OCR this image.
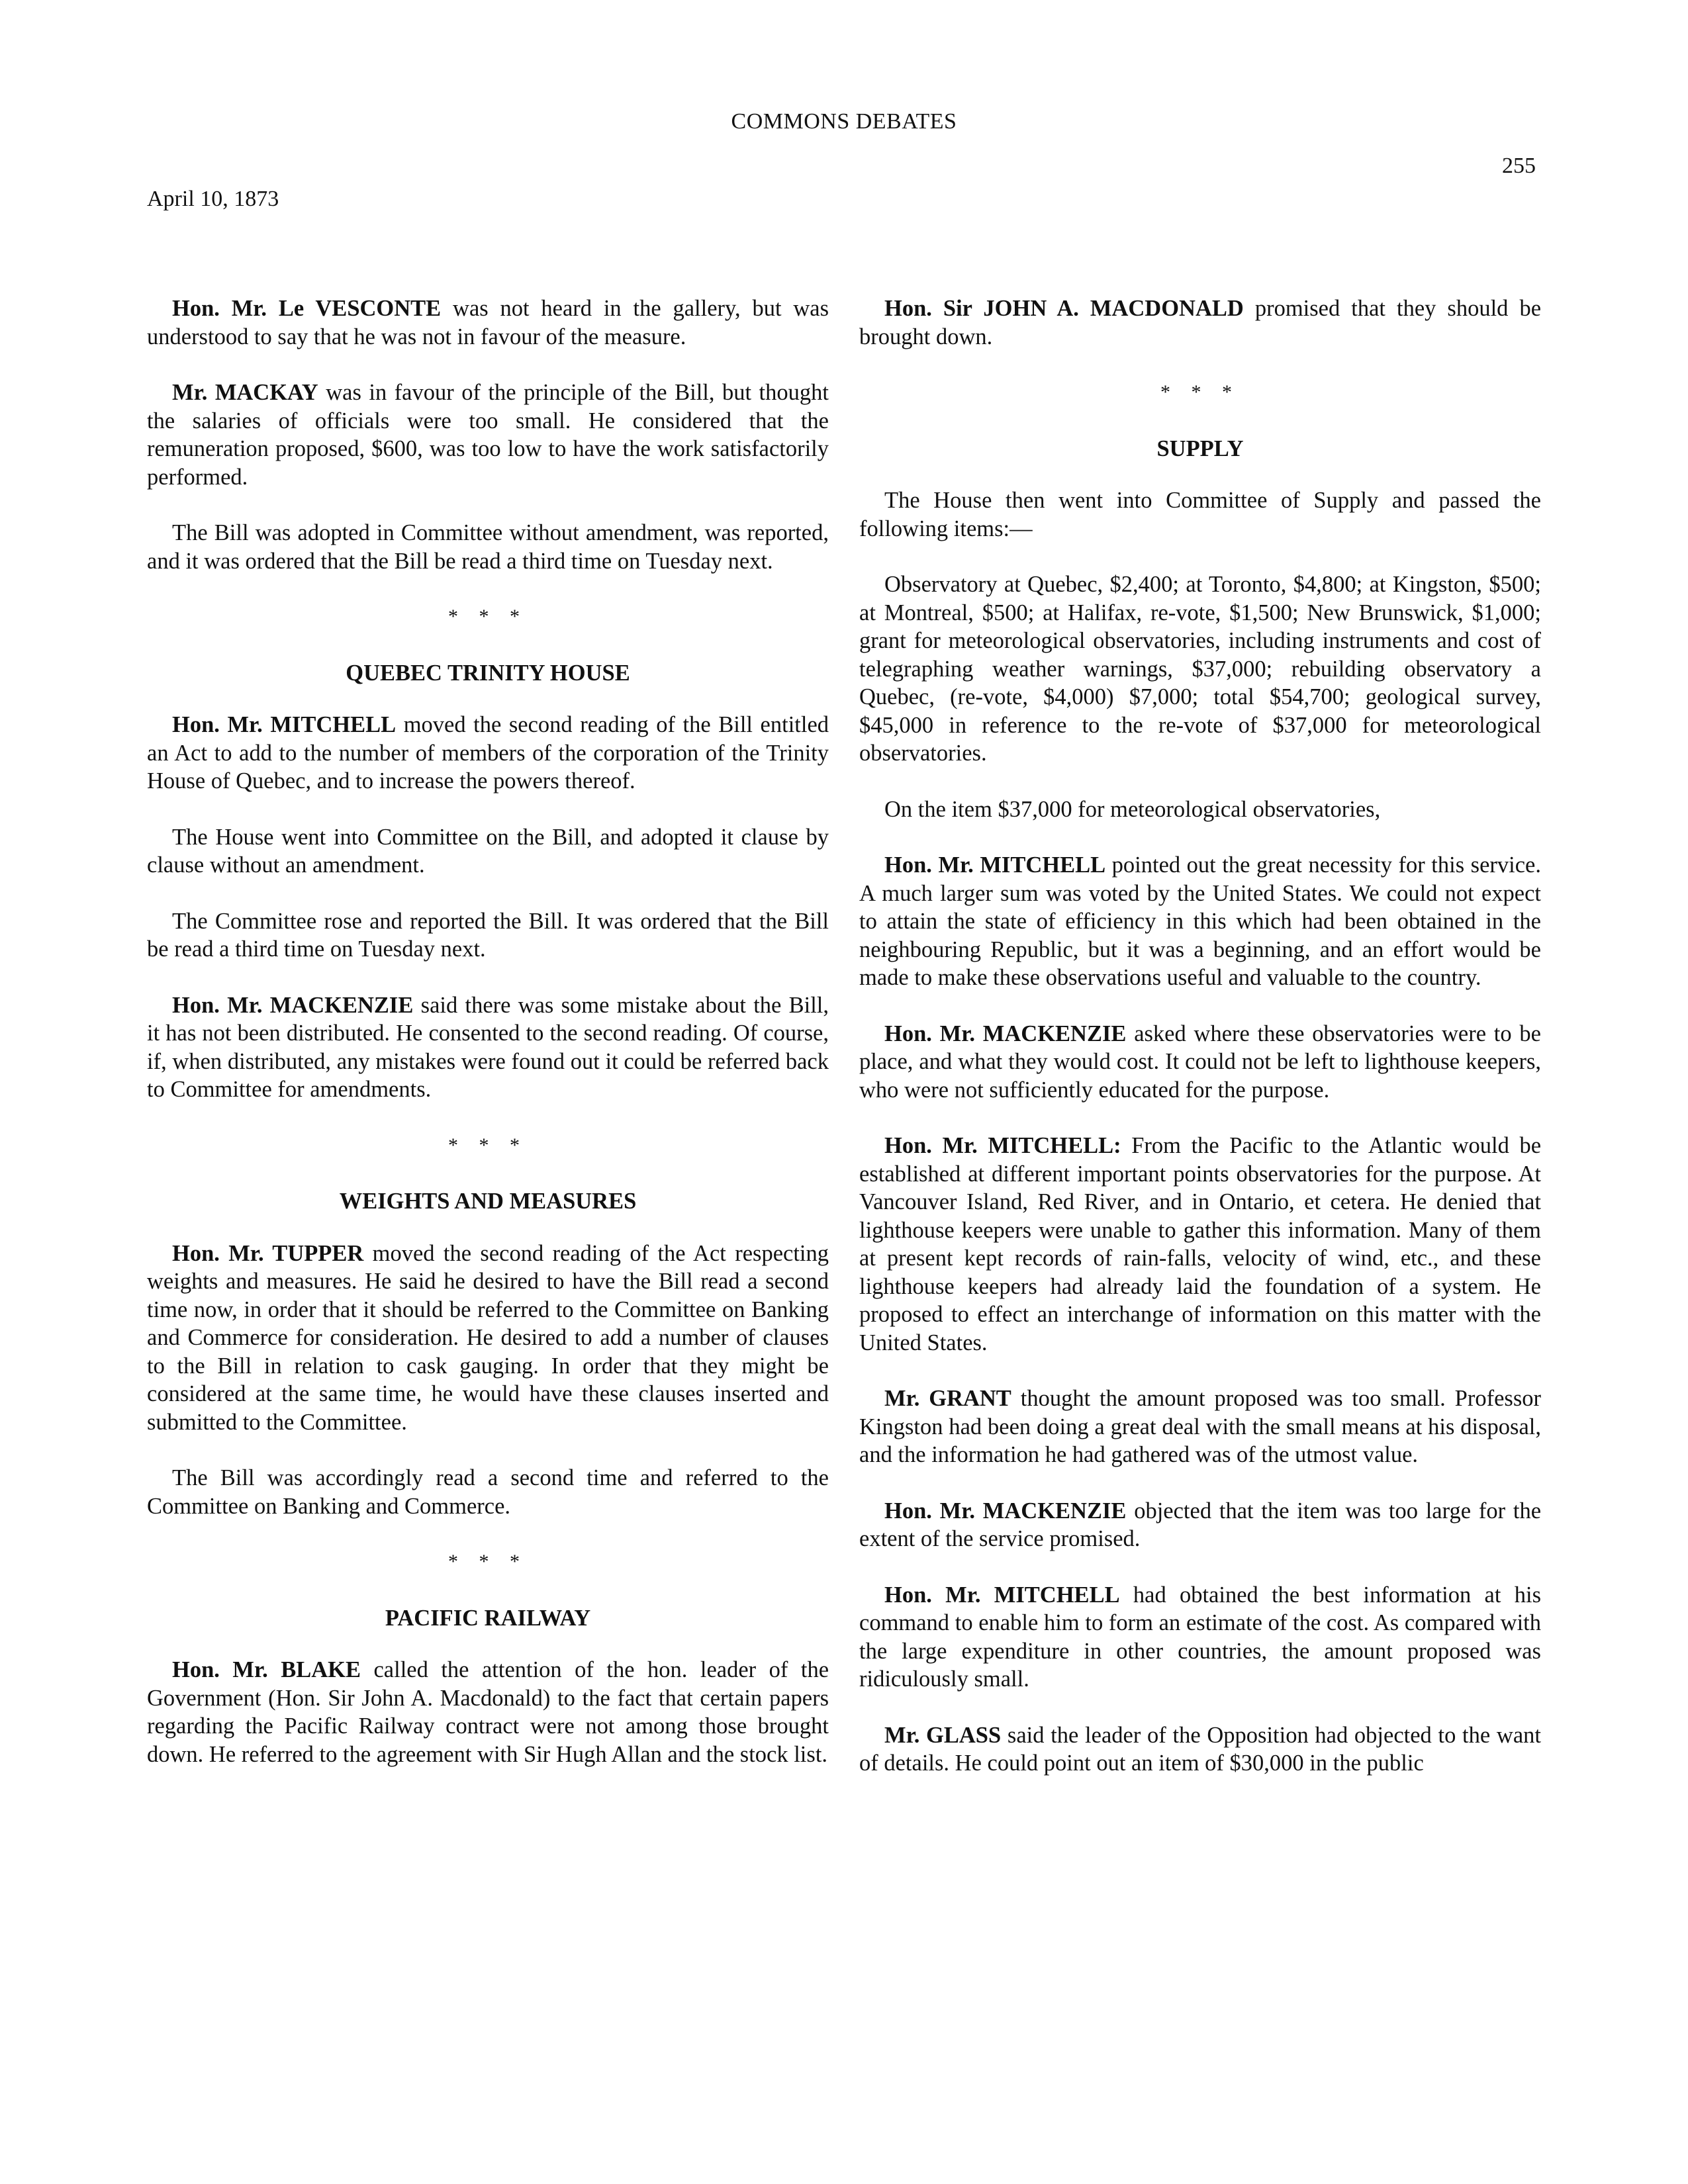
COMMONS DEBATES
255
April 10, 1873

Hon. Mr. Le VESCONTE was not heard in the gallery, but was understood to say that he was not in favour of the measure.

Mr. MACKAY was in favour of the principle of the Bill, but thought the salaries of officials were too small. He considered that the remuneration proposed, $600, was too low to have the work satisfactorily performed.

The Bill was adopted in Committee without amendment, was reported, and it was ordered that the Bill be read a third time on Tuesday next.

* * *
QUEBEC TRINITY HOUSE

Hon. Mr. MITCHELL moved the second reading of the Bill entitled an Act to add to the number of members of the corporation of the Trinity House of Quebec, and to increase the powers thereof.

The House went into Committee on the Bill, and adopted it clause by clause without an amendment.

The Committee rose and reported the Bill. It was ordered that the Bill be read a third time on Tuesday next.

Hon. Mr. MACKENZIE said there was some mistake about the Bill, it has not been distributed. He consented to the second reading. Of course, if, when distributed, any mistakes were found out it could be referred back to Committee for amendments.

* * *
WEIGHTS AND MEASURES

Hon. Mr. TUPPER moved the second reading of the Act respecting weights and measures. He said he desired to have the Bill read a second time now, in order that it should be referred to the Committee on Banking and Commerce for consideration. He desired to add a number of clauses to the Bill in relation to cask gauging. In order that they might be considered at the same time, he would have these clauses inserted and submitted to the Committee.

The Bill was accordingly read a second time and referred to the Committee on Banking and Commerce.

* * *
PACIFIC RAILWAY

Hon. Mr. BLAKE called the attention of the hon. leader of the Government (Hon. Sir John A. Macdonald) to the fact that certain papers regarding the Pacific Railway contract were not among those brought down. He referred to the agreement with Sir Hugh Allan and the stock list.

Hon. Sir JOHN A. MACDONALD promised that they should be brought down.

* * *
SUPPLY

The House then went into Committee of Supply and passed the following items:—

Observatory at Quebec, $2,400; at Toronto, $4,800; at Kingston, $500; at Montreal, $500; at Halifax, re-vote, $1,500; New Brunswick, $1,000; grant for meteorological observatories, including instruments and cost of telegraphing weather warnings, $37,000; rebuilding observatory a Quebec, (re-vote, $4,000) $7,000; total $54,700; geological survey, $45,000 in reference to the re-vote of $37,000 for meteorological observatories.

On the item $37,000 for meteorological observatories,

Hon. Mr. MITCHELL pointed out the great necessity for this service. A much larger sum was voted by the United States. We could not expect to attain the state of efficiency in this which had been obtained in the neighbouring Republic, but it was a beginning, and an effort would be made to make these observations useful and valuable to the country.

Hon. Mr. MACKENZIE asked where these observatories were to be place, and what they would cost. It could not be left to lighthouse keepers, who were not sufficiently educated for the purpose.

Hon. Mr. MITCHELL: From the Pacific to the Atlantic would be established at different important points observatories for the purpose. At Vancouver Island, Red River, and in Ontario, et cetera. He denied that lighthouse keepers were unable to gather this information. Many of them at present kept records of rain-falls, velocity of wind, etc., and these lighthouse keepers had already laid the foundation of a system. He proposed to effect an interchange of information on this matter with the United States.

Mr. GRANT thought the amount proposed was too small. Professor Kingston had been doing a great deal with the small means at his disposal, and the information he had gathered was of the utmost value.

Hon. Mr. MACKENZIE objected that the item was too large for the extent of the service promised.

Hon. Mr. MITCHELL had obtained the best information at his command to enable him to form an estimate of the cost. As compared with the large expenditure in other countries, the amount proposed was ridiculously small.

Mr. GLASS said the leader of the Opposition had objected to the want of details. He could point out an item of $30,000 in the public
